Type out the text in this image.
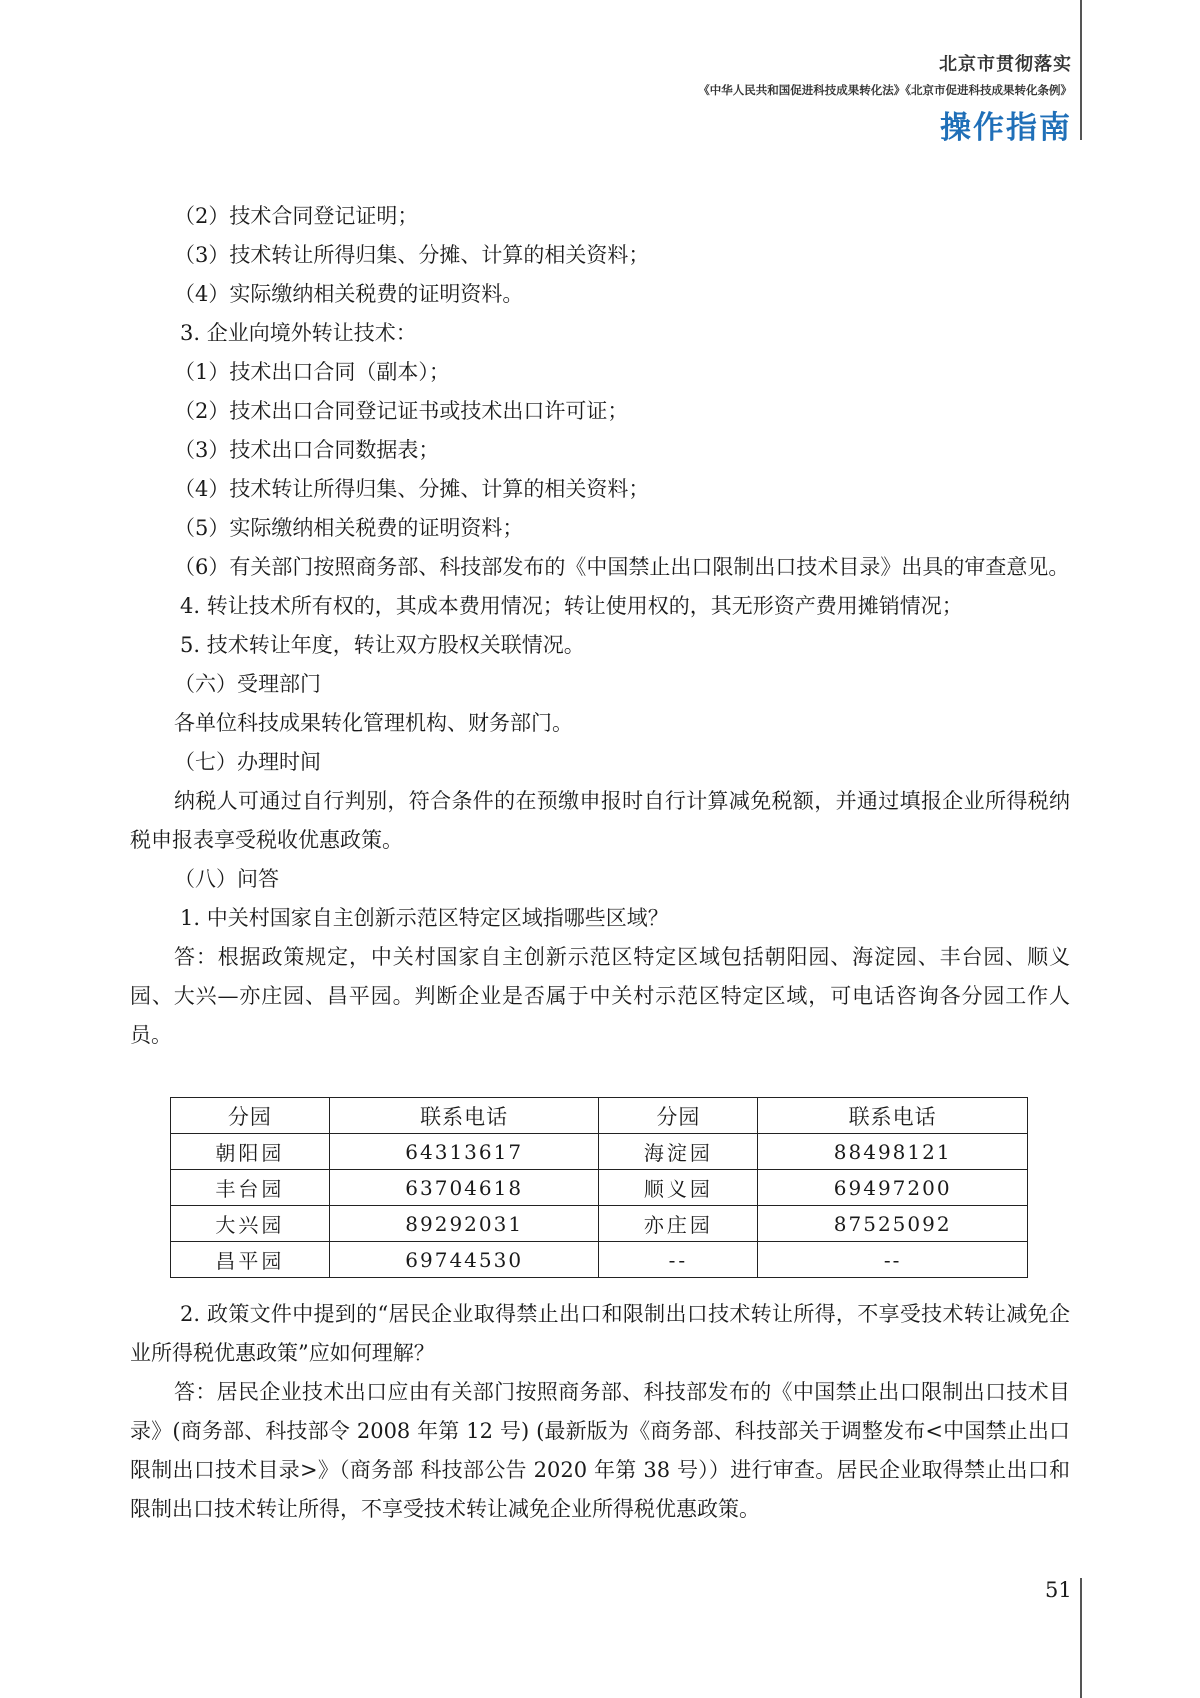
北京市贯彻落实
《中华人民共和国促进科技成果转化法》《北京市促进科技成果转化条例》
操作指南

（2）技术合同登记证明；

（3）技术转让所得归集、分摊、计算的相关资料；

（4）实际缴纳相关税费的证明资料。

3. 企业向境外转让技术：

（1）技术出口合同（副本）；

（2）技术出口合同登记证书或技术出口许可证；

（3）技术出口合同数据表；

（4）技术转让所得归集、分摊、计算的相关资料；

（5）实际缴纳相关税费的证明资料；

（6）有关部门按照商务部、科技部发布的《中国禁止出口限制出口技术目录》出具的审查意见。

4. 转让技术所有权的，其成本费用情况；转让使用权的，其无形资产费用摊销情况；

5. 技术转让年度，转让双方股权关联情况。

（六）受理部门

各单位科技成果转化管理机构、财务部门。

（七）办理时间

纳税人可通过自行判别，符合条件的在预缴申报时自行计算减免税额，并通过填报企业所得税纳税申报表享受税收优惠政策。

（八）问答

1. 中关村国家自主创新示范区特定区域指哪些区域？

答：根据政策规定，中关村国家自主创新示范区特定区域包括朝阳园、海淀园、丰台园、顺义园、大兴—亦庄园、昌平园。判断企业是否属于中关村示范区特定区域，可电话咨询各分园工作人员。

分园	联系电话	分园	联系电话
朝阳园	64313617	海淀园	88498121
丰台园	63704618	顺义园	69497200
大兴园	89292031	亦庄园	87525092
昌平园	69744530	--	--

2. 政策文件中提到的“居民企业取得禁止出口和限制出口技术转让所得，不享受技术转让减免企业所得税优惠政策”应如何理解？

答：居民企业技术出口应由有关部门按照商务部、科技部发布的《中国禁止出口限制出口技术目录》(商务部、科技部令 2008 年第 12 号) (最新版为《商务部、科技部关于调整发布<中国禁止出口限制出口技术目录>》（商务部 科技部公告 2020 年第 38 号））进行审查。居民企业取得禁止出口和限制出口技术转让所得，不享受技术转让减免企业所得税优惠政策。

51
